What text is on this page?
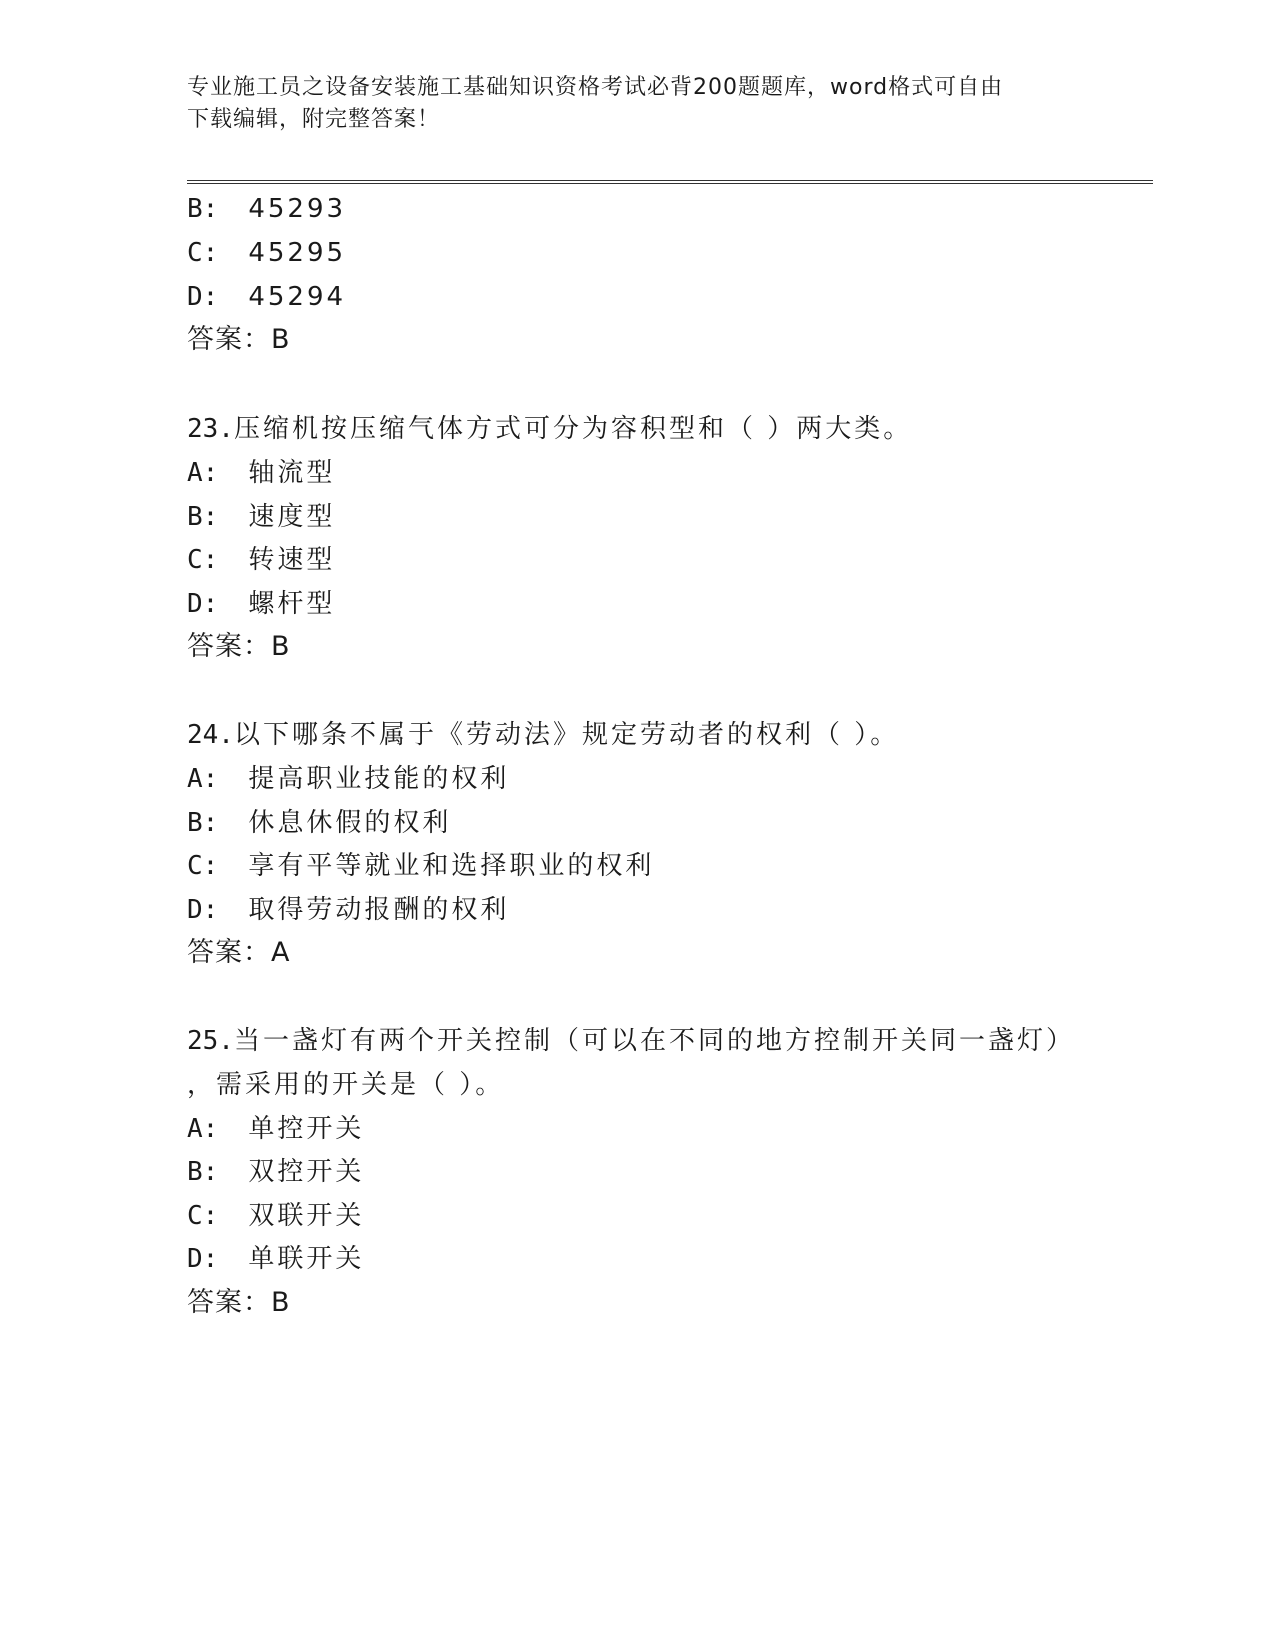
专业施工员之设备安装施工基础知识资格考试必背200题题库，word格式可自由
下载编辑，附完整答案！
B: 45293
C: 45295
D: 45294
答案：B
23.压缩机按压缩气体方式可分为容积型和（ ）两大类。
A: 轴流型
B: 速度型
C: 转速型
D: 螺杆型
答案：B
24.以下哪条不属于《劳动法》规定劳动者的权利（ ）。
A: 提高职业技能的权利
B: 休息休假的权利
C: 享有平等就业和选择职业的权利
D: 取得劳动报酬的权利
答案：A
25.当一盏灯有两个开关控制（可以在不同的地方控制开关同一盏灯）
，需采用的开关是（ ）。
A: 单控开关
B: 双控开关
C: 双联开关
D: 单联开关
答案：B
